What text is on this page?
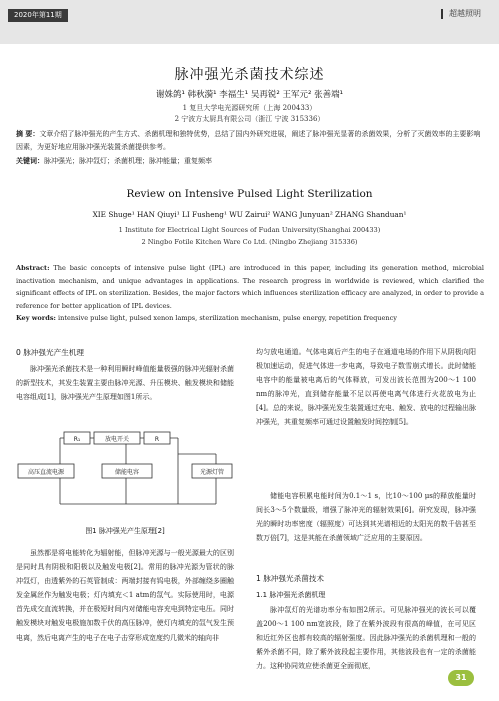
2020年第11期	超越照明
脉冲强光杀菌技术综述
谢姝鸽¹ 韩秋漪¹ 李福生¹ 吴再锐² 王军元² 张善端¹
1 复旦大学电光源研究所（上海 200433）
2 宁波方太厨具有限公司（浙江 宁波 315336）
摘 要：文章介绍了脉冲强光的产生方式、杀菌机理和独特优势，总结了国内外研究进展，阐述了脉冲强光显著的杀菌效果，分析了灭菌效率的主要影响因素，为更好地应用脉冲强光装置杀菌提供参考。
关键词：脉冲强光；脉冲氙灯；杀菌机理；脉冲能量；重复频率
Review on Intensive Pulsed Light Sterilization
XIE Shuge¹ HAN Qiuyi¹ LI Fusheng¹ WU Zairui² WANG Junyuan² ZHANG Shanduan¹
1 Institute for Electrical Light Sources of Fudan University(Shanghai 200433)
2 Ningbo Fotile Kitchen Ware Co Ltd. (Ningbo Zhejiang 315336)
Abstract: The basic concepts of intensive pulse light (IPL) are introduced in this paper, including its generation method, microbial inactivation mechanism, and unique advantages in applications. The research progress in worldwide is reviewed, which clarified the significant effects of IPL on sterilization. Besides, the major factors which influences sterilization efficacy are analyzed, in order to provide a reference for better application of IPL devices.
Key words: intensive pulse light, pulsed xenon lamps, sterilization mechanism, pulse energy, repetition frequency
0 脉冲强光产生机理

脉冲强光杀菌技术是一种利用瞬时峰值能量极强的脉冲光辐射杀菌的新型技术，其发生装置主要由脉冲光源、升压模块、触发模块和储能电容组成[1]，脉冲强光产生原理如图1所示。

R₁	放电开关	R
高压直流电源	储能电容	光源灯管
图1 脉冲强光产生原理[2]

虽然都是将电能转化为辐射能，但脉冲光源与一般光源最大的区别是同时具有阴极和阳极以及触发电极[2]。常用的脉冲光源为管状的脉冲氙灯，由透紫外的石英管制成：两端封接有钨电极，外部缠绕多圈触发金属丝作为触发电极；灯内填充＜1 atm的氙气。实际使用时，电源首先成交直流转换，并在极短时间内对储能电容充电到特定电压。同时触发模块对触发电极施加数千伏的高压脉冲，使灯内填充的氙气发生预电离，然后电离产生的电子在电子击穿形成宽度约几微米的轴向非

均匀放电通道。气体电离后产生的电子在通道电场的作用下从阴极向阳极加速运动，促进气体进一步电离，导致电子数雪崩式增长。此时储能电容中的能量被电离后的气体释放，可发出波长范围为200～1 100 nm的脉冲光，直到储存能量不足以再使电离气体进行火花放电为止[4]。总的来说，脉冲强光发生装置通过充电、触发、放电的过程输出脉冲强光，其重复频率可通过设置触发时间控制[5]。

储能电容积累电能时间为0.1～1 s，比10～100 μs的释放能量时间长3～5个数量级，增强了脉冲光的辐射效果[6]。研究发现，脉冲强光的瞬时功率密度（辐照度）可达到其光谱相近的太阳光的数千倍甚至数万倍[7]，这是其能在杀菌领域广泛应用的主要原因。

1 脉冲强光杀菌技术
1.1 脉冲强光杀菌机理

脉冲氙灯的光谱功率分布如图2所示。可见脉冲强光的波长可以覆盖200～1 100 nm宽波段，除了在紫外波段有很高的峰值，在可见区和近红外区也都有较高的辐射强度。因此脉冲强光的杀菌机理和一般的紫外杀菌不同，除了紫外波段起主要作用，其他波段也有一定的杀菌能力。这种协同效应使杀菌更全面彻底，

31
